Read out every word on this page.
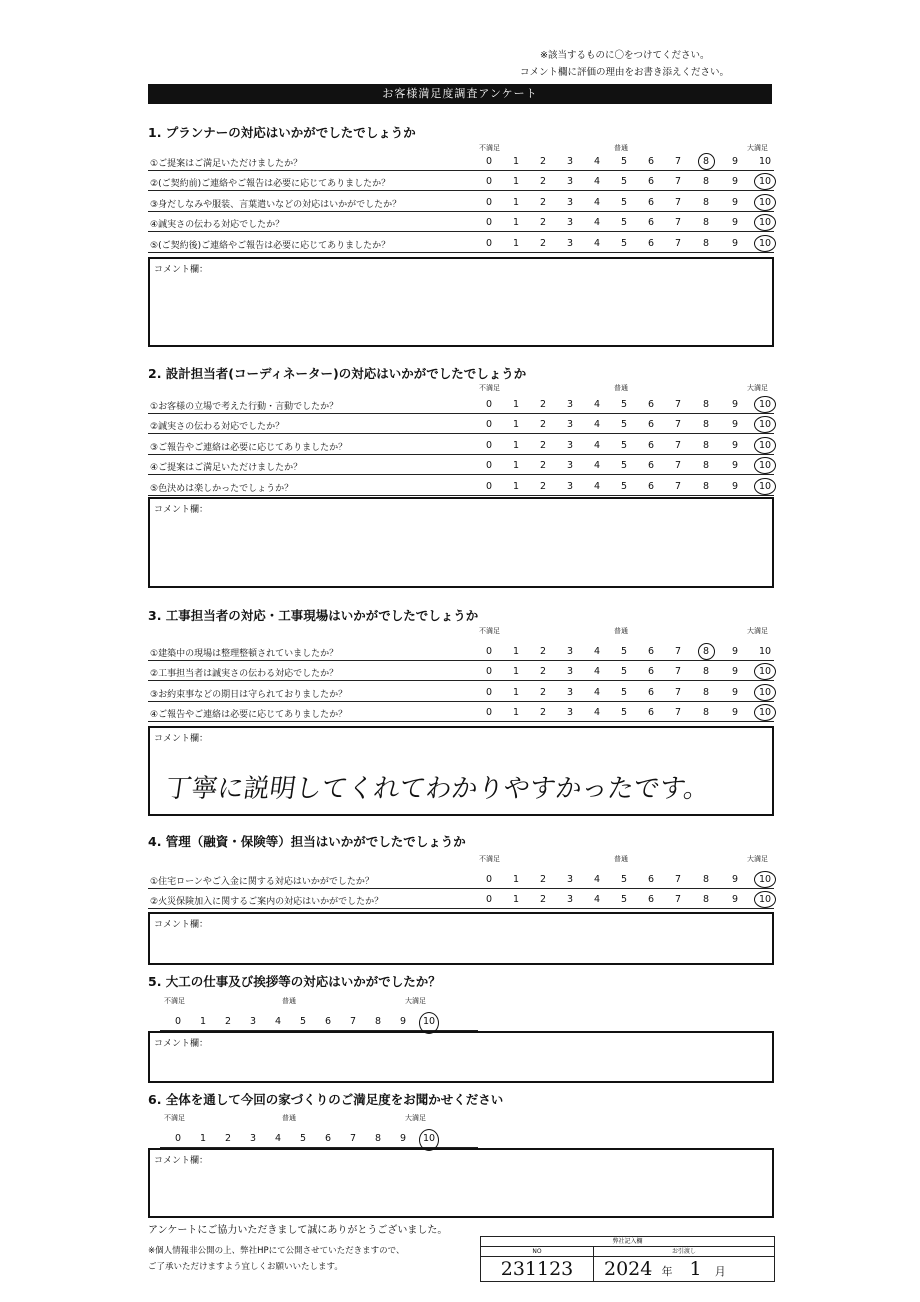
※該当するものに〇をつけてください。
コメント欄に評価の理由をお書き添えください。
お客様満足度調査アンケート
1. プランナーの対応はいかがでしたでしょうか
不満足	普通	大満足
①ご提案はご満足いただけましたか？	0	1	2	3	4	5	6	7	8	9	10
②(ご契約前)ご連絡やご報告は必要に応じてありましたか？	0	1	2	3	4	5	6	7	8	9	10
③身だしなみや服装、言葉遣いなどの対応はいかがでしたか？	0	1	2	3	4	5	6	7	8	9	10
④誠実さの伝わる対応でしたか？	0	1	2	3	4	5	6	7	8	9	10
⑤(ご契約後)ご連絡やご報告は必要に応じてありましたか？	0	1	2	3	4	5	6	7	8	9	10
コメント欄：
2. 設計担当者(コーディネーター)の対応はいかがでしたでしょうか
不満足	普通	大満足
①お客様の立場で考えた行動・言動でしたか？	0	1	2	3	4	5	6	7	8	9	10
②誠実さの伝わる対応でしたか？	0	1	2	3	4	5	6	7	8	9	10
③ご報告やご連絡は必要に応じてありましたか？	0	1	2	3	4	5	6	7	8	9	10
④ご提案はご満足いただけましたか？	0	1	2	3	4	5	6	7	8	9	10
⑤色決めは楽しかったでしょうか？	0	1	2	3	4	5	6	7	8	9	10
コメント欄：
3. 工事担当者の対応・工事現場はいかがでしたでしょうか
不満足	普通	大満足
①建築中の現場は整理整頓されていましたか？	0	1	2	3	4	5	6	7	8	9	10
②工事担当者は誠実さの伝わる対応でしたか？	0	1	2	3	4	5	6	7	8	9	10
③お約束事などの期日は守られておりましたか？	0	1	2	3	4	5	6	7	8	9	10
④ご報告やご連絡は必要に応じてありましたか？	0	1	2	3	4	5	6	7	8	9	10
コメント欄：
丁寧に説明してくれてわかりやすかったです。
4. 管理（融資・保険等）担当はいかがでしたでしょうか
不満足	普通	大満足
①住宅ローンやご入金に関する対応はいかがでしたか？	0	1	2	3	4	5	6	7	8	9	10
②火災保険加入に関するご案内の対応はいかがでしたか？	0	1	2	3	4	5	6	7	8	9	10
コメント欄：
5. 大工の仕事及び挨拶等の対応はいかがでしたか？
不満足	普通	大満足
0	1	2	3	4	5	6	7	8	9	10
コメント欄：
6. 全体を通して今回の家づくりのご満足度をお聞かせください
不満足	普通	大満足
0	1	2	3	4	5	6	7	8	9	10
コメント欄：
アンケートにご協力いただきまして誠にありがとうございました。
※個人情報非公開の上、弊社HPにて公開させていただきますので、
ご了承いただけますよう宜しくお願いいたします。
弊社記入欄	
NO	お引渡し
231123	2024 年 1 月
